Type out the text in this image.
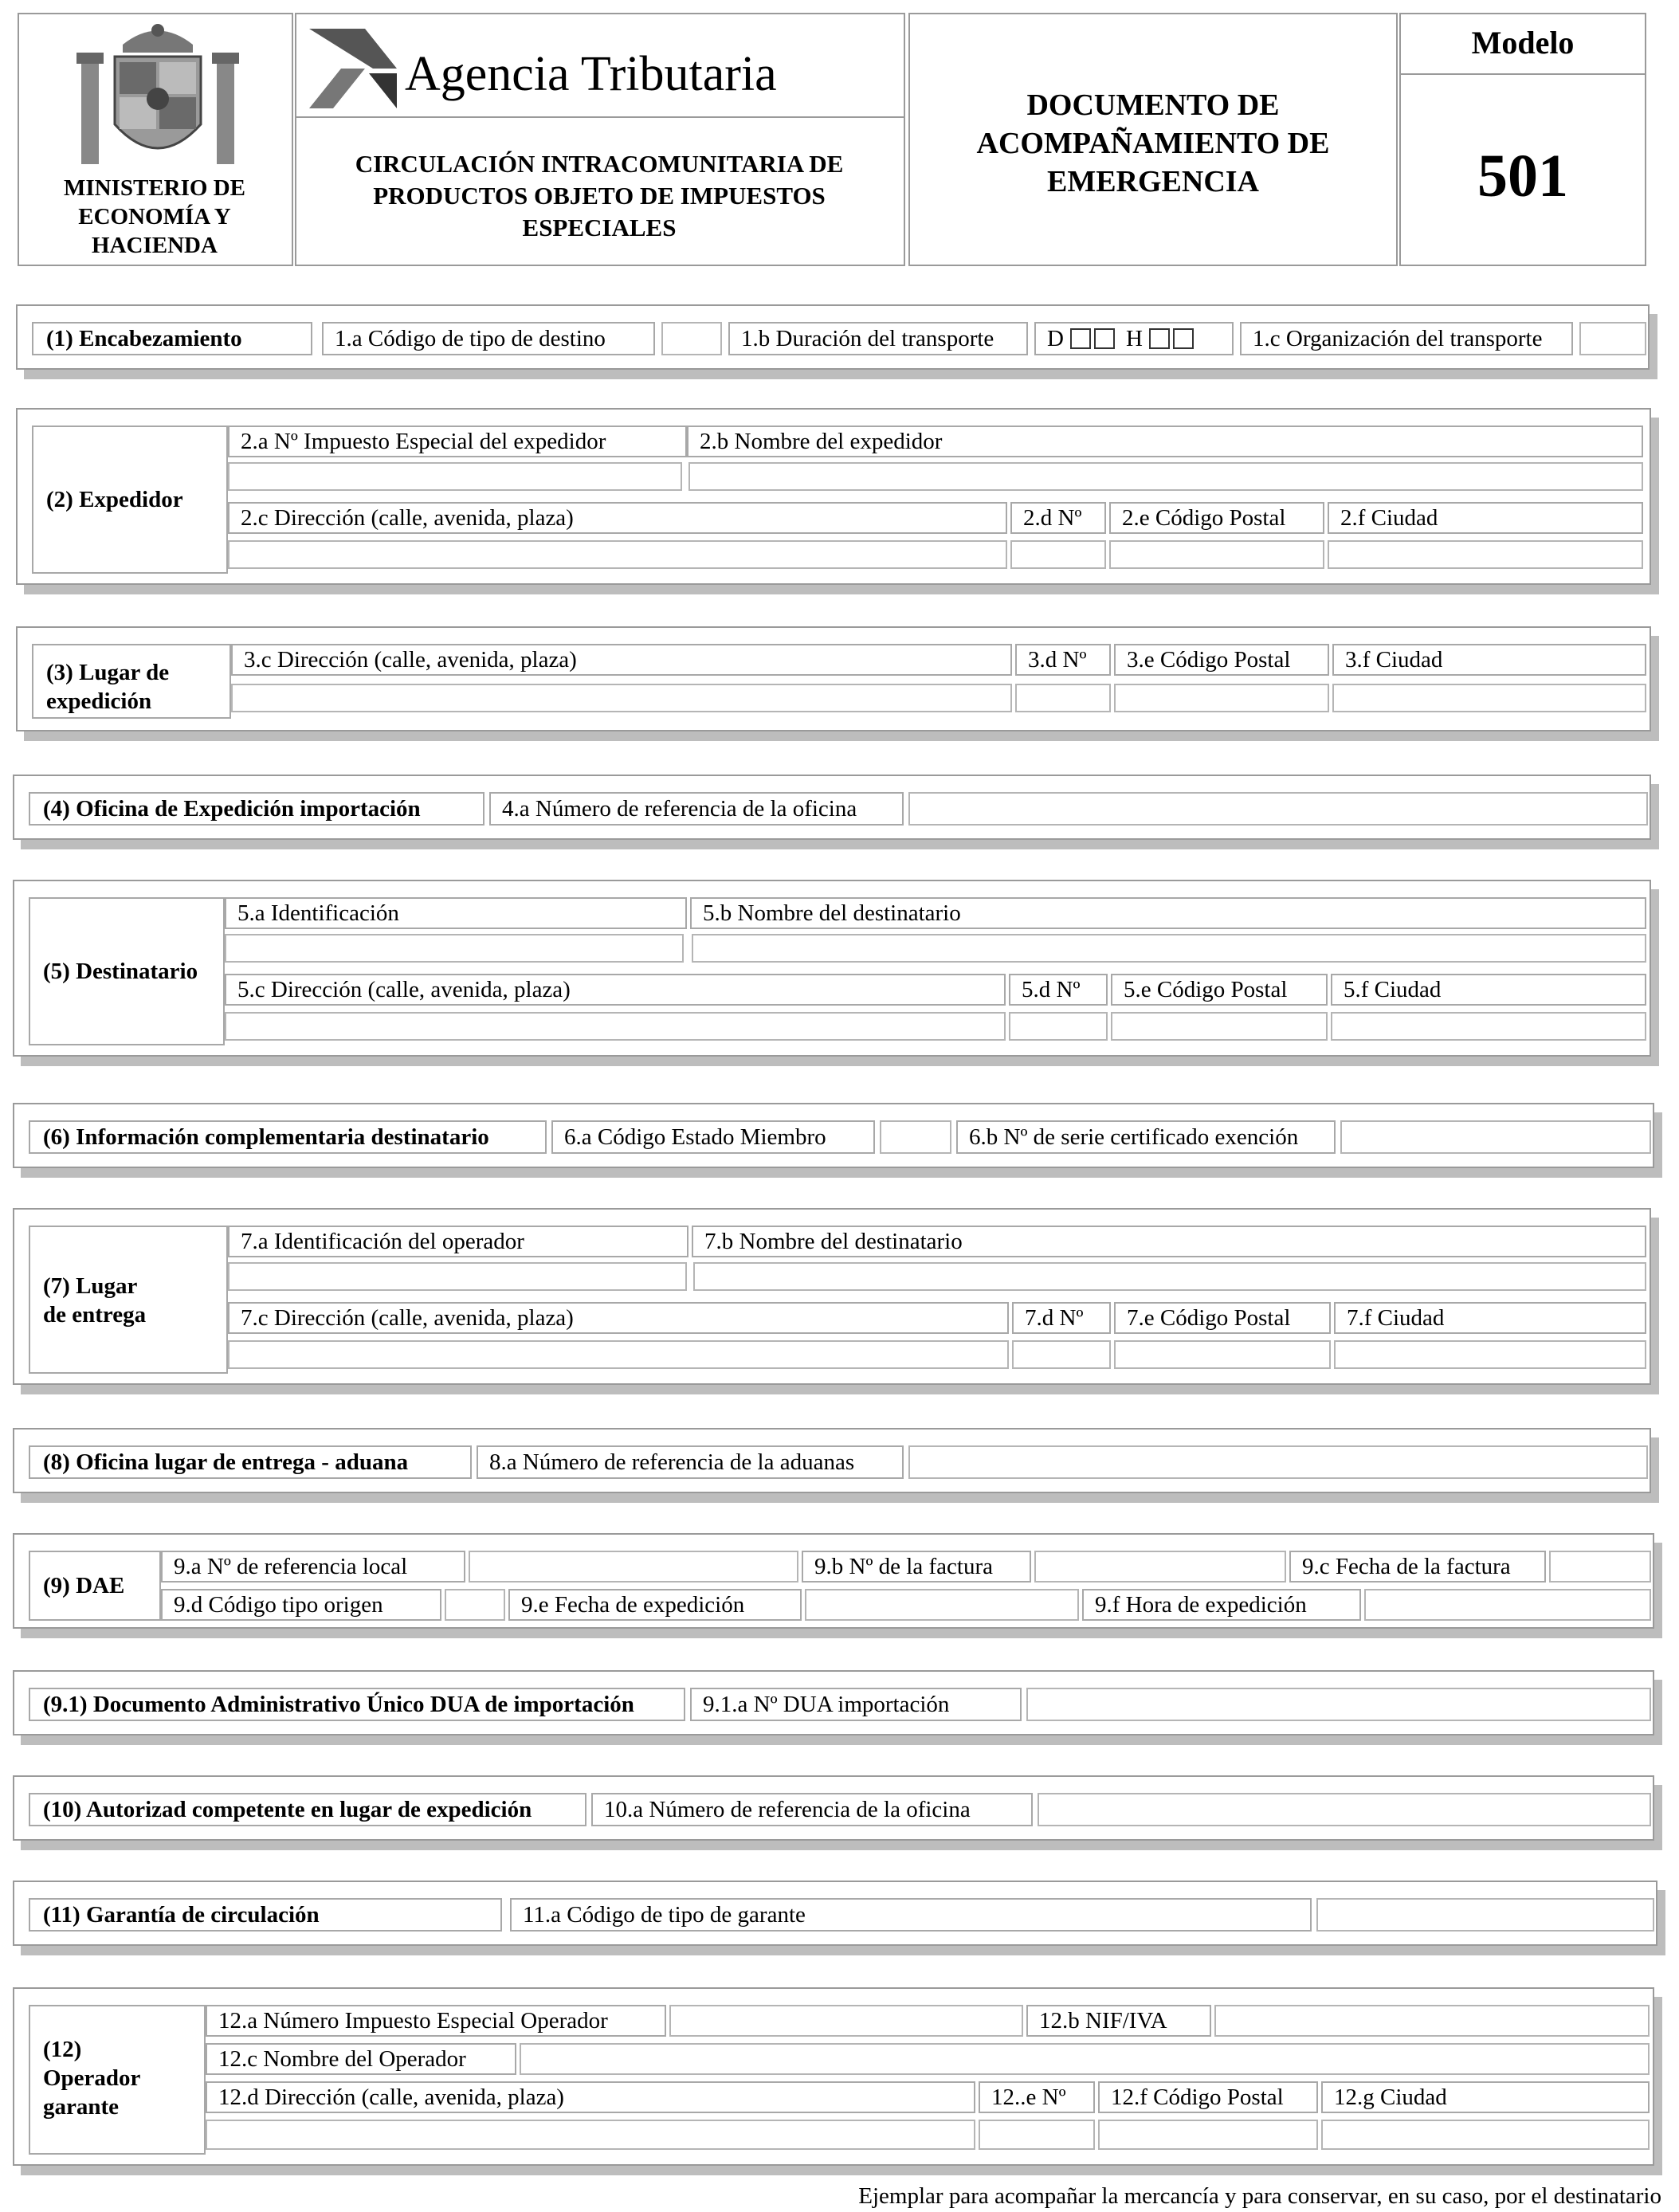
MINISTERIO DE ECONOMÍA Y HACIENDA
Agencia Tributaria
CIRCULACIÓN INTRACOMUNITARIA DE PRODUCTOS OBJETO DE IMPUESTOS ESPECIALES
DOCUMENTO DE ACOMPAÑAMIENTO DE EMERGENCIA
Modelo
501
(1) Encabezamiento	1.a Código de tipo de destino	1.b Duración del transporte	D	H	1.c Organización del transporte
(2) Expedidor
2.a Nº Impuesto Especial del expedidor	2.b Nombre del expedidor
2.c Dirección (calle, avenida, plaza)	2.d Nº	2.e Código Postal	2.f Ciudad
(3) Lugar de
expedición
3.c Dirección (calle, avenida, plaza)	3.d Nº	3.e Código Postal	3.f Ciudad
(4) Oficina de Expedición importación	4.a Número de referencia de la oficina
(5) Destinatario
5.a Identificación	5.b Nombre del destinatario
5.c Dirección (calle, avenida, plaza)	5.d Nº	5.e Código Postal	5.f Ciudad
(6) Información complementaria destinatario	6.a Código Estado Miembro	6.b Nº de serie certificado exención
(7) Lugar
de entrega
7.a Identificación del operador	7.b Nombre del destinatario
7.c Dirección (calle, avenida, plaza)	7.d Nº	7.e Código Postal	7.f Ciudad
(8) Oficina lugar de entrega - aduana	8.a Número de referencia de la aduanas
(9) DAE
9.a Nº de referencia local	9.b Nº de la factura	9.c Fecha de la factura
9.d Código tipo origen	9.e Fecha de expedición	9.f Hora de expedición
(9.1) Documento Administrativo Único DUA de importación	9.1.a Nº DUA importación
(10) Autorizad competente en lugar de expedición	10.a Número de referencia de la oficina
(11) Garantía de circulación	11.a Código de tipo de garante
(12)
Operador
garante
12.a Número Impuesto Especial Operador	12.b NIF/IVA
12.c Nombre del Operador
12.d Dirección (calle, avenida, plaza)	12..e Nº	12.f Código Postal	12.g Ciudad
Ejemplar para acompañar la mercancía y para conservar, en su caso, por el destinatario
